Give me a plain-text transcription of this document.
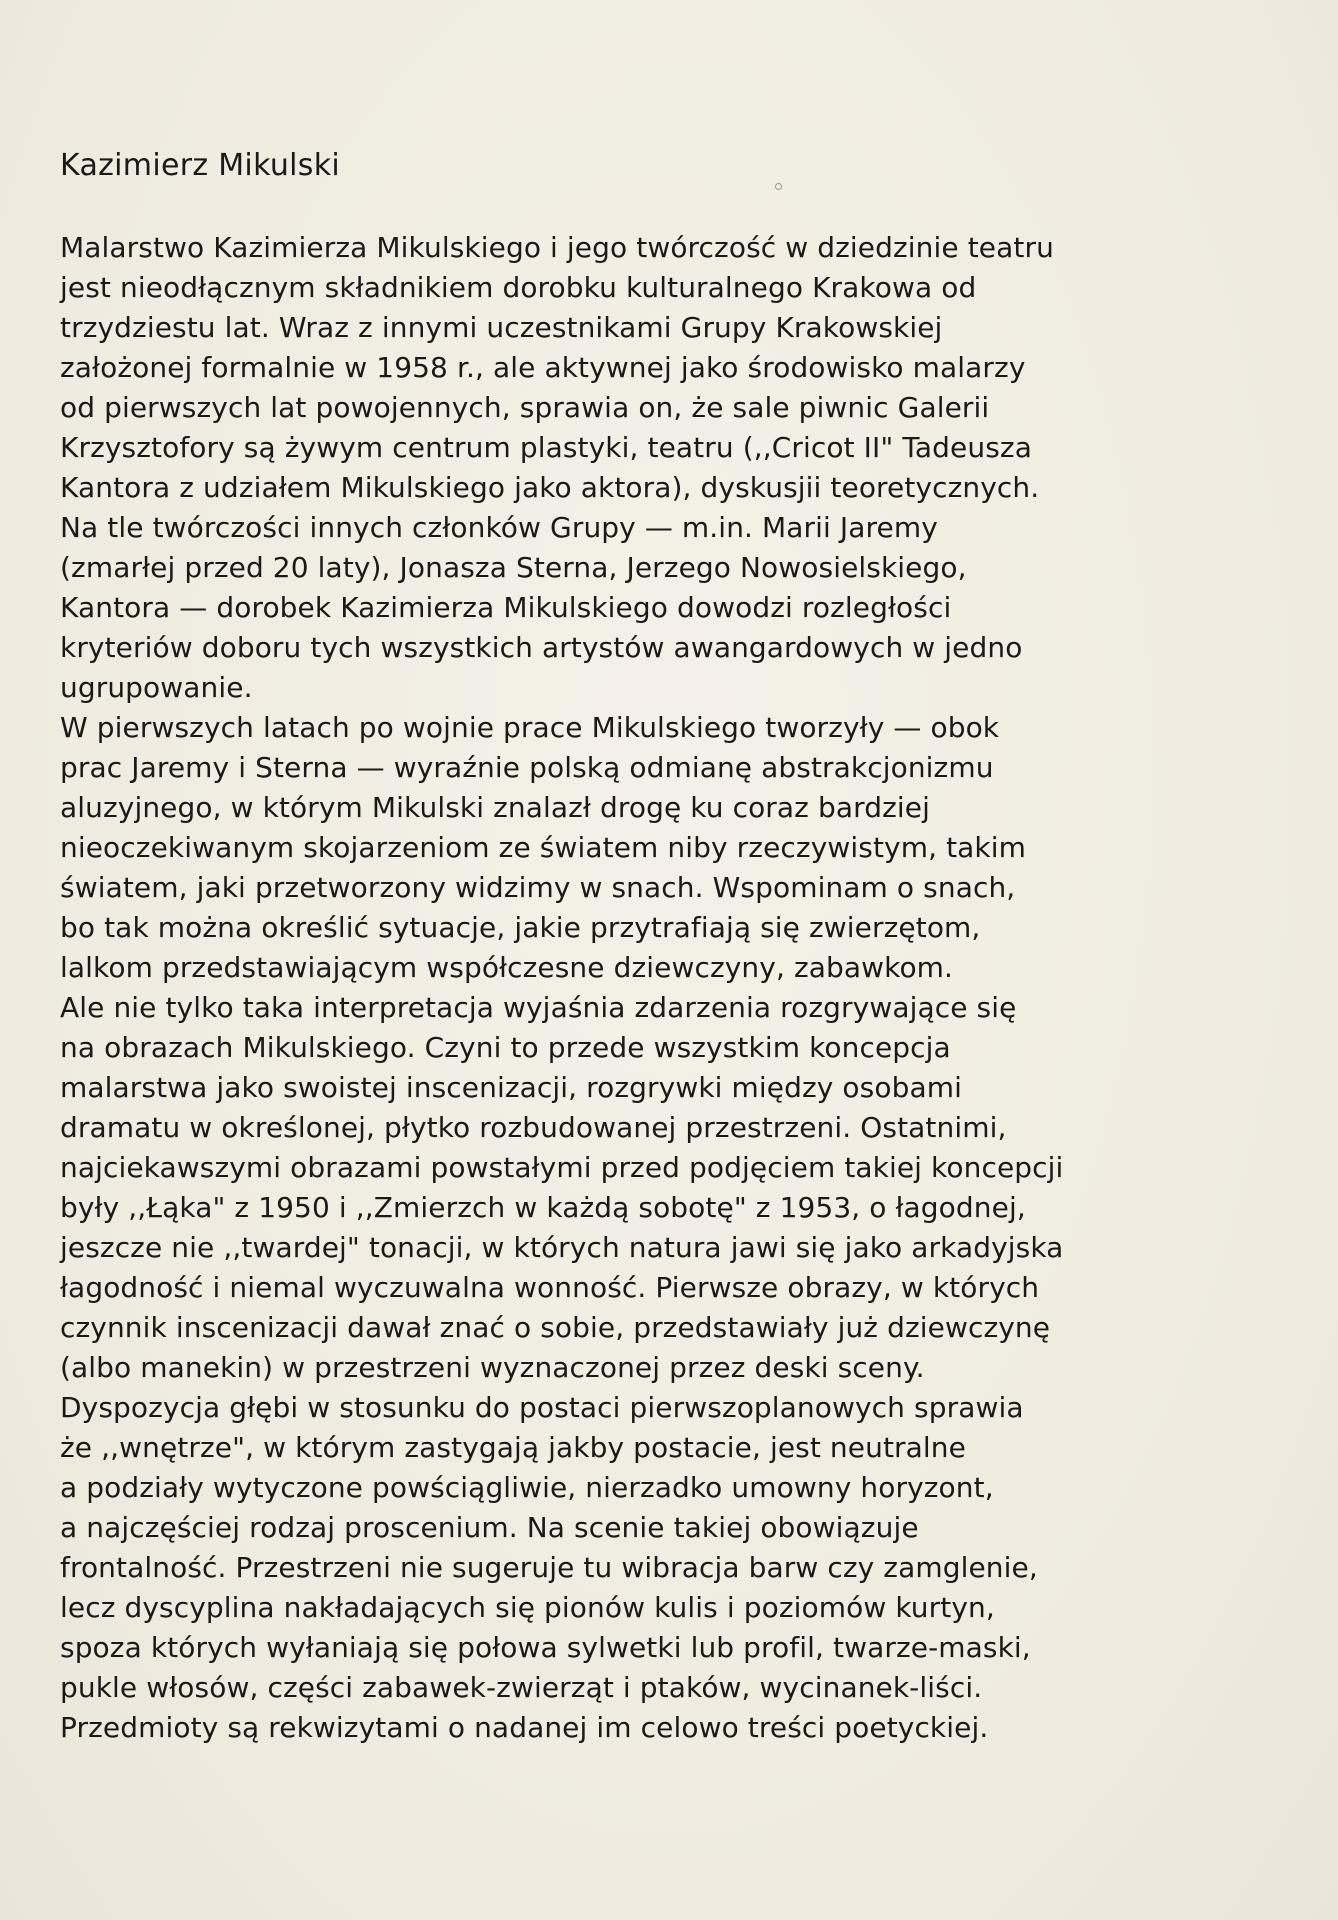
Kazimierz Mikulski
Malarstwo Kazimierza Mikulskiego i jego twórczość w dziedzinie teatru
jest nieodłącznym składnikiem dorobku kulturalnego Krakowa od
trzydziestu lat. Wraz z innymi uczestnikami Grupy Krakowskiej
założonej formalnie w 1958 r., ale aktywnej jako środowisko malarzy
od pierwszych lat powojennych, sprawia on, że sale piwnic Galerii
Krzysztofory są żywym centrum plastyki, teatru (,,Cricot II" Tadeusza
Kantora z udziałem Mikulskiego jako aktora), dyskusjii teoretycznych.
Na tle twórczości innych członków Grupy — m.in. Marii Jaremy
(zmarłej przed 20 laty), Jonasza Sterna, Jerzego Nowosielskiego,
Kantora — dorobek Kazimierza Mikulskiego dowodzi rozległości
kryteriów doboru tych wszystkich artystów awangardowych w jedno
ugrupowanie.
W pierwszych latach po wojnie prace Mikulskiego tworzyły — obok
prac Jaremy i Sterna — wyraźnie polską odmianę abstrakcjonizmu
aluzyjnego, w którym Mikulski znalazł drogę ku coraz bardziej
nieoczekiwanym skojarzeniom ze światem niby rzeczywistym, takim
światem, jaki przetworzony widzimy w snach. Wspominam o snach,
bo tak można określić sytuacje, jakie przytrafiają się zwierzętom,
lalkom przedstawiającym współczesne dziewczyny, zabawkom.
Ale nie tylko taka interpretacja wyjaśnia zdarzenia rozgrywające się
na obrazach Mikulskiego. Czyni to przede wszystkim koncepcja
malarstwa jako swoistej inscenizacji, rozgrywki między osobami
dramatu w określonej, płytko rozbudowanej przestrzeni. Ostatnimi,
najciekawszymi obrazami powstałymi przed podjęciem takiej koncepcji
były ,,Łąka" z 1950 i ,,Zmierzch w każdą sobotę" z 1953, o łagodnej,
jeszcze nie ,,twardej" tonacji, w których natura jawi się jako arkadyjska
łagodność i niemal wyczuwalna wonność. Pierwsze obrazy, w których
czynnik inscenizacji dawał znać o sobie, przedstawiały już dziewczynę
(albo manekin) w przestrzeni wyznaczonej przez deski sceny.
Dyspozycja głębi w stosunku do postaci pierwszoplanowych sprawia
że ,,wnętrze", w którym zastygają jakby postacie, jest neutralne
a podziały wytyczone powściągliwie, nierzadko umowny horyzont,
a najczęściej rodzaj proscenium. Na scenie takiej obowiązuje
frontalność. Przestrzeni nie sugeruje tu wibracja barw czy zamglenie,
lecz dyscyplina nakładających się pionów kulis i poziomów kurtyn,
spoza których wyłaniają się połowa sylwetki lub profil, twarze-maski,
pukle włosów, części zabawek-zwierząt i ptaków, wycinanek-liści.
Przedmioty są rekwizytami o nadanej im celowo treści poetyckiej.
